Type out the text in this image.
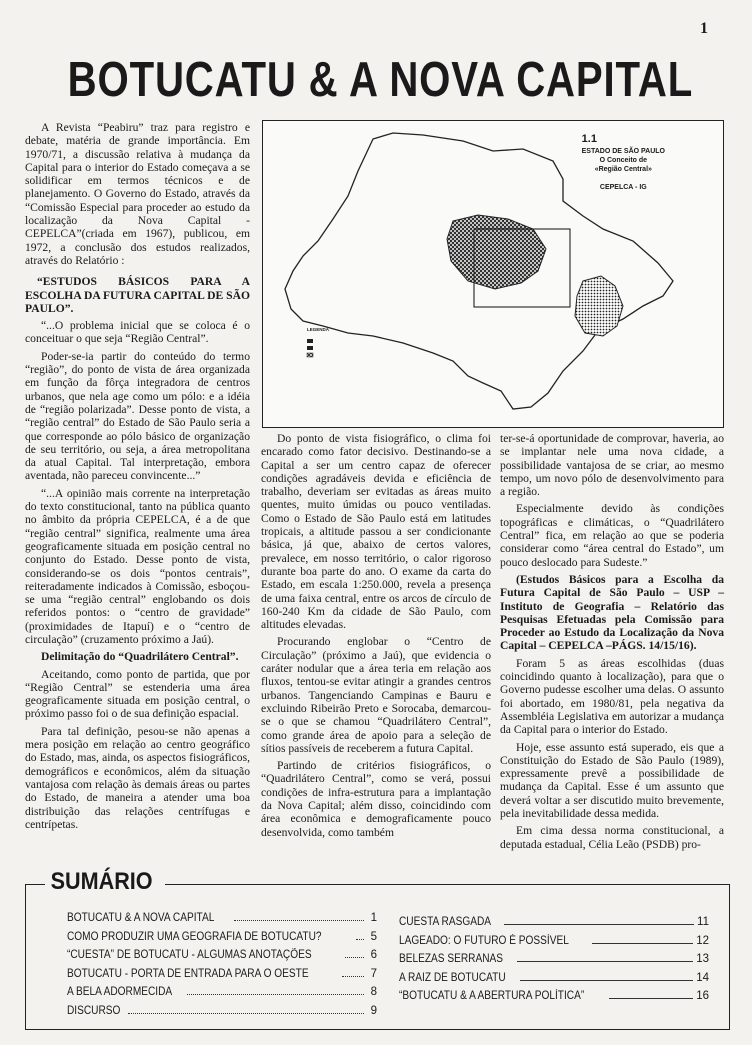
1
BOTUCATU & A NOVA CAPITAL

A Revista “Peabiru” traz para registro e debate, matéria de grande importância. Em 1970/71, a discussão relativa à mudança da Capital para o interior do Estado começava a se solidificar em termos técnicos e de planejamento. O Governo do Estado, através da “Comissão Especial para proceder ao estudo da localização da Nova Capital - CEPELCA”(criada em 1967), publicou, em 1972, a conclusão dos estudos realizados, através do Relatório :

“ESTUDOS BÁSICOS PARA A ESCOLHA DA FUTURA CAPITAL DE SÃO PAULO”.

“...O problema inicial que se coloca é o conceituar o que seja “Região Central”.

Poder-se-ia partir do conteúdo do termo “região”, do ponto de vista de área organizada em função da fôrça integradora de centros urbanos, que nela age como um pólo: e a idéia de “região polarizada”. Desse ponto de vista, a “região central” do Estado de São Paulo seria a que corresponde ao pólo básico de organização de seu território, ou seja, a área metropolitana da atual Capital. Tal interpretação, embora aventada, não pareceu convincente...”

“...A opinião mais corrente na interpretação do texto constitucional, tanto na pública quanto no âmbito da própria CEPELCA, é a de que “região central” significa, realmente uma área geograficamente situada em posição central no conjunto do Estado. Desse ponto de vista, considerando-se os dois “pontos centrais”, reiteradamente indicados à Comissão, esboçou-se uma “região central” englobando os dois referidos pontos: o “centro de gravidade” (proximidades de Itapuí) e o “centro de circulação” (cruzamento próximo a Jaú).

Delimitação do “Quadrilátero Central”.

Aceitando, como ponto de partida, que por “Região Central” se estenderia uma área geograficamente situada em posição central, o próximo passo foi o de sua definição espacial.

Para tal definição, pesou-se não apenas a mera posição em relação ao centro geográfico do Estado, mas, ainda, os aspectos fisiográficos, demográficos e econômicos, além da situação vantajosa com relação às demais áreas ou partes do Estado, de maneira a atender uma boa distribuição das relações centrífugas e centrípetas.

1.1
ESTADO DE SÃO PAULO
O Conceito de
«Região Central»

CEPELCA - IG
LEGENDA

Do ponto de vista fisiográfico, o clima foi encarado como fator decisivo. Destinando-se a Capital a ser um centro capaz de oferecer condições agradáveis devida e eficiência de trabalho, deveriam ser evitadas as áreas muito quentes, muito úmidas ou pouco ventiladas. Como o Estado de São Paulo está em latitudes tropicais, a altitude passou a ser condicionante básica, já que, abaixo de certos valores, prevalece, em nosso território, o calor rigoroso durante boa parte do ano. O exame da carta do Estado, em escala 1:250.000, revela a presença de uma faixa central, entre os arcos de círculo de 160-240 Km da cidade de São Paulo, com altitudes elevadas.

Procurando englobar o “Centro de Circulação” (próximo a Jaú), que evidencia o caráter nodular que a área teria em relação aos fluxos, tentou-se evitar atingir a grandes centros urbanos. Tangenciando Campinas e Bauru e excluindo Ribeirão Preto e Sorocaba, demarcou-se o que se chamou “Quadrilátero Central”, como grande área de apoio para a seleção de sítios passíveis de receberem a futura Capital.

Partindo de critérios fisiográficos, o “Quadrilátero Central”, como se verá, possui condições de infra-estrutura para a implantação da Nova Capital; além disso, coincidindo com área econômica e demograficamente pouco desenvolvida, como também

ter-se-á oportunidade de comprovar, haveria, ao se implantar nele uma nova cidade, a possibilidade vantajosa de se criar, ao mesmo tempo, um novo pólo de desenvolvimento para a região.

Especialmente devido às condições topográficas e climáticas, o “Quadrilátero Central” fica, em relação ao que se poderia considerar como “área central do Estado”, um pouco deslocado para Sudeste.”

(Estudos Básicos para a Escolha da Futura Capital de São Paulo – USP – Instituto de Geografia – Relatório das Pesquisas Efetuadas pela Comissão para Proceder ao Estudo da Localização da Nova Capital – CEPELCA –PÁGS. 14/15/16).

Foram 5 as áreas escolhidas (duas coincidindo quanto à localização), para que o Governo pudesse escolher uma delas. O assunto foi abortado, em 1980/81, pela negativa da Assembléia Legislativa em autorizar a mudança da Capital para o interior do Estado.

Hoje, esse assunto está superado, eis que a Constituição do Estado de São Paulo (1989), expressamente prevê a possibilidade de mudança da Capital. Esse é um assunto que deverá voltar a ser discutido muito brevemente, pela inevitabilidade dessa medida.

Em cima dessa norma constitucional, a deputada estadual, Célia Leão (PSDB) pro-

SUMÁRIO
BOTUCATU & A NOVA CAPITAL	1
COMO PRODUZIR UMA GEOGRAFIA DE BOTUCATU?	5
“CUESTA” DE BOTUCATU - ALGUMAS ANOTAÇÕES	6
BOTUCATU - PORTA DE ENTRADA PARA O OESTE	7
A BELA ADORMECIDA	8
DISCURSO	9
CUESTA RASGADA	11
LAGEADO: O FUTURO É POSSÍVEL	12
BELEZAS SERRANAS	13
A RAIZ DE BOTUCATU	14
“BOTUCATU & A ABERTURA POLÍTICA”	16
